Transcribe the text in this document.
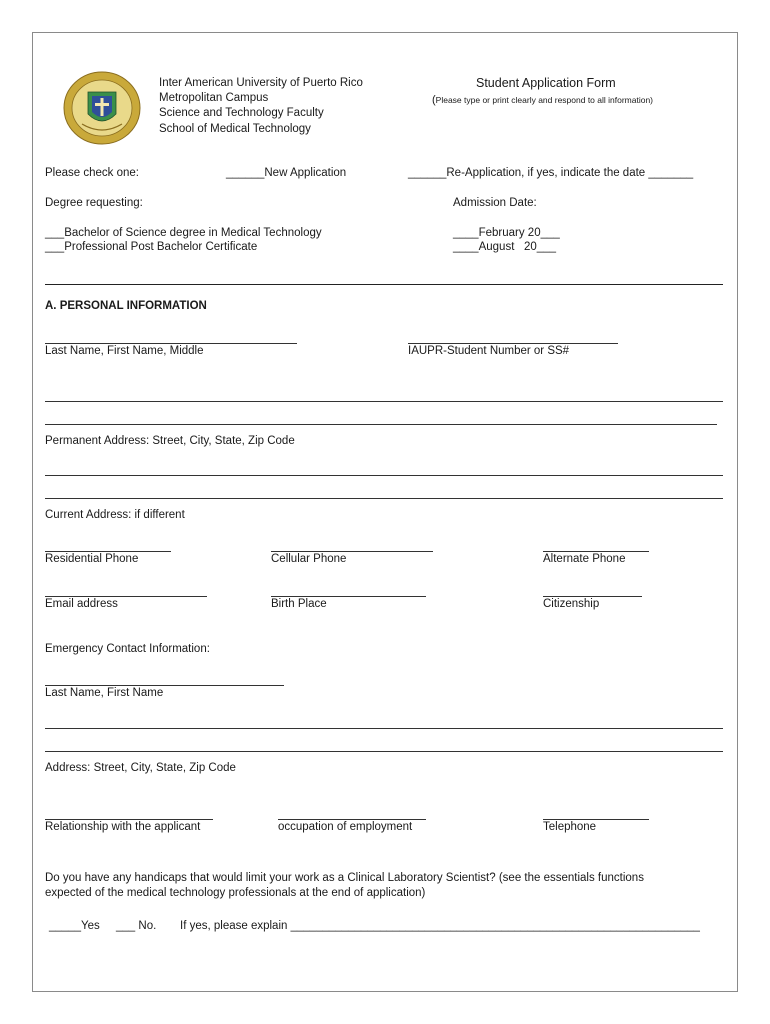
Inter American University of Puerto Rico
Metropolitan Campus
Science and Technology Faculty
School of Medical Technology
Student Application Form
(Please type or print clearly and respond to all information)
Please check one:	______New Application	______Re-Application, if yes, indicate the date _______
Degree requesting:	Admission Date:
___Bachelor of Science degree in Medical Technology
___Professional Post Bachelor Certificate
____February 20___
____August   20___
A. PERSONAL INFORMATION
Last Name, First Name, Middle	IAUPR-Student Number or SS#
Permanent Address: Street, City, State, Zip Code
Current Address: if different
Residential Phone	Cellular Phone	Alternate Phone
Email address	Birth Place	Citizenship
Emergency Contact Information:
Last Name, First Name
Address: Street, City, State, Zip Code
Relationship with the applicant	occupation of employment	Telephone
Do you have any handicaps that would limit your work as a Clinical Laboratory Scientist? (see the essentials functions
expected of the medical technology professionals at the end of application)
_____Yes ___ No. If yes, please explain ________________________________________________________________
